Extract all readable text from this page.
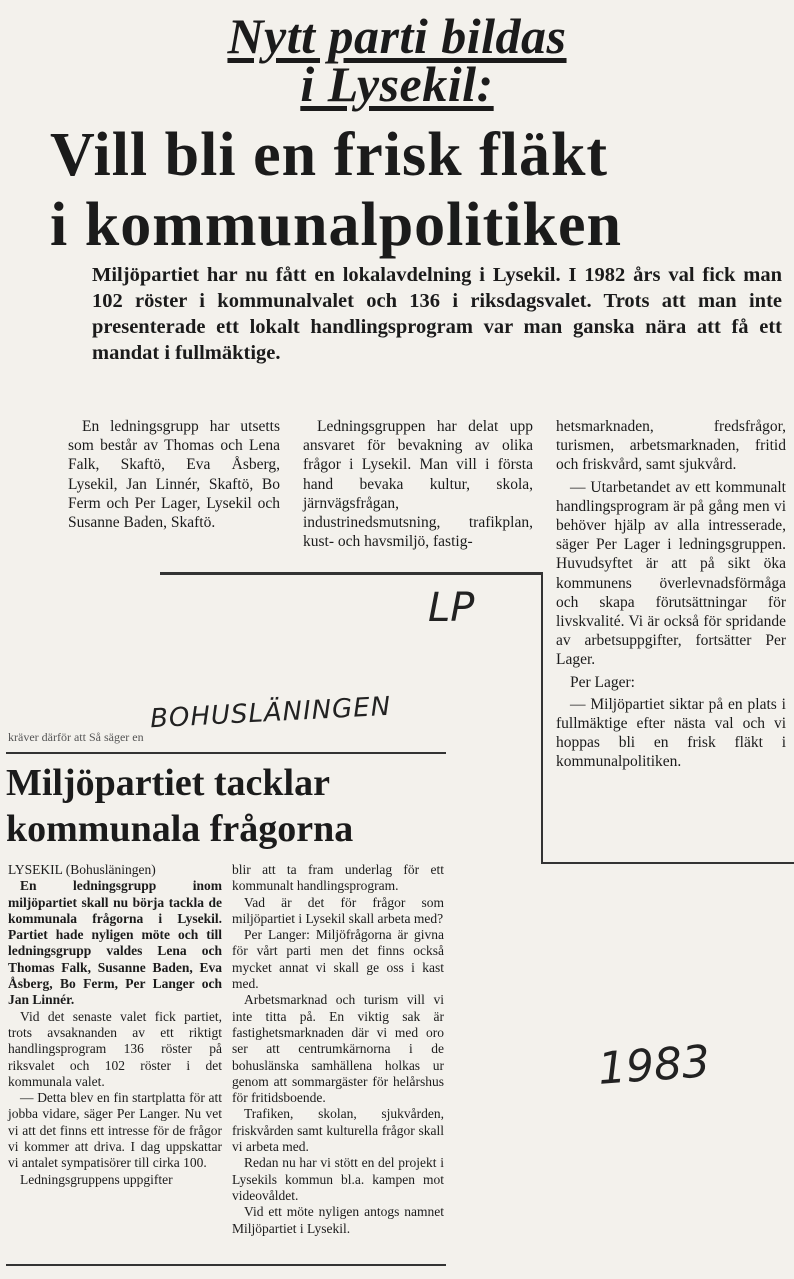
Nytt parti bildas
i Lysekil:
Vill bli en frisk fläkt
i kommunalpolitiken
Miljöpartiet har nu fått en lokalavdelning i Lysekil. I 1982 års val fick man 102 röster i kommunalvalet och 136 i riksdagsvalet. Trots att man inte presenterade ett lokalt handlingsprogram var man ganska nära att få ett mandat i fullmäktige.

En ledningsgrupp har utsetts som består av Thomas och Lena Falk, Skaftö, Eva Åsberg, Lysekil, Jan Linnér, Skaftö, Bo Ferm och Per Lager, Lysekil och Susanne Baden, Skaftö.

Ledningsgruppen har delat upp ansvaret för bevakning av olika frågor i Lysekil. Man vill i första hand bevaka kultur, skola, järnvägsfrågan, industrinedsmutsning, trafikplan, kust- och havsmiljö, fastig-

hetsmarknaden, fredsfrågor, turismen, arbetsmarknaden, fritid och friskvård, samt sjukvård.

— Utarbetandet av ett kommunalt handlingsprogram är på gång men vi behöver hjälp av alla intresserade, säger Per Lager i ledningsgruppen. Huvudsyftet är att på sikt öka kommunens överlevnadsförmåga och skapa förutsättningar för livskvalité. Vi är också för spridande av arbetsuppgifter, fortsätter Per Lager.

Per Lager:

— Miljöpartiet siktar på en plats i fullmäktige efter nästa val och vi hoppas bli en frisk fläkt i kommunalpolitiken.

LP
BOHUSLÄNINGEN
1983
kräver därför att Så säger en
Miljöpartiet tacklar
kommunala frågorna

LYSEKIL (Bohusläningen)

En ledningsgrupp inom miljöpartiet skall nu börja tackla de kommunala frågorna i Lysekil. Partiet hade nyligen möte och till ledningsgrupp valdes Lena och Thomas Falk, Susanne Baden, Eva Åsberg, Bo Ferm, Per Langer och Jan Linnér.

Vid det senaste valet fick partiet, trots avsaknanden av ett riktigt handlingsprogram 136 röster på riksvalet och 102 röster i det kommunala valet.

— Detta blev en fin startplatta för att jobba vidare, säger Per Langer. Nu vet vi att det finns ett intresse för de frågor vi kommer att driva. I dag uppskattar vi antalet sympatisörer till cirka 100.

Ledningsgruppens uppgifter

blir att ta fram underlag för ett kommunalt handlingsprogram.

Vad är det för frågor som miljöpartiet i Lysekil skall arbeta med?

Per Langer: Miljöfrågorna är givna för vårt parti men det finns också mycket annat vi skall ge oss i kast med.

Arbetsmarknad och turism vill vi inte titta på. En viktig sak är fastighetsmarknaden där vi med oro ser att centrumkärnorna i de bohuslänska samhällena holkas ur genom att sommargäster för helårshus för fritidsboende.

Trafiken, skolan, sjukvården, friskvården samt kulturella frågor skall vi arbeta med.

Redan nu har vi stött en del projekt i Lysekils kommun bl.a. kampen mot videovåldet.

Vid ett möte nyligen antogs namnet Miljöpartiet i Lysekil.
